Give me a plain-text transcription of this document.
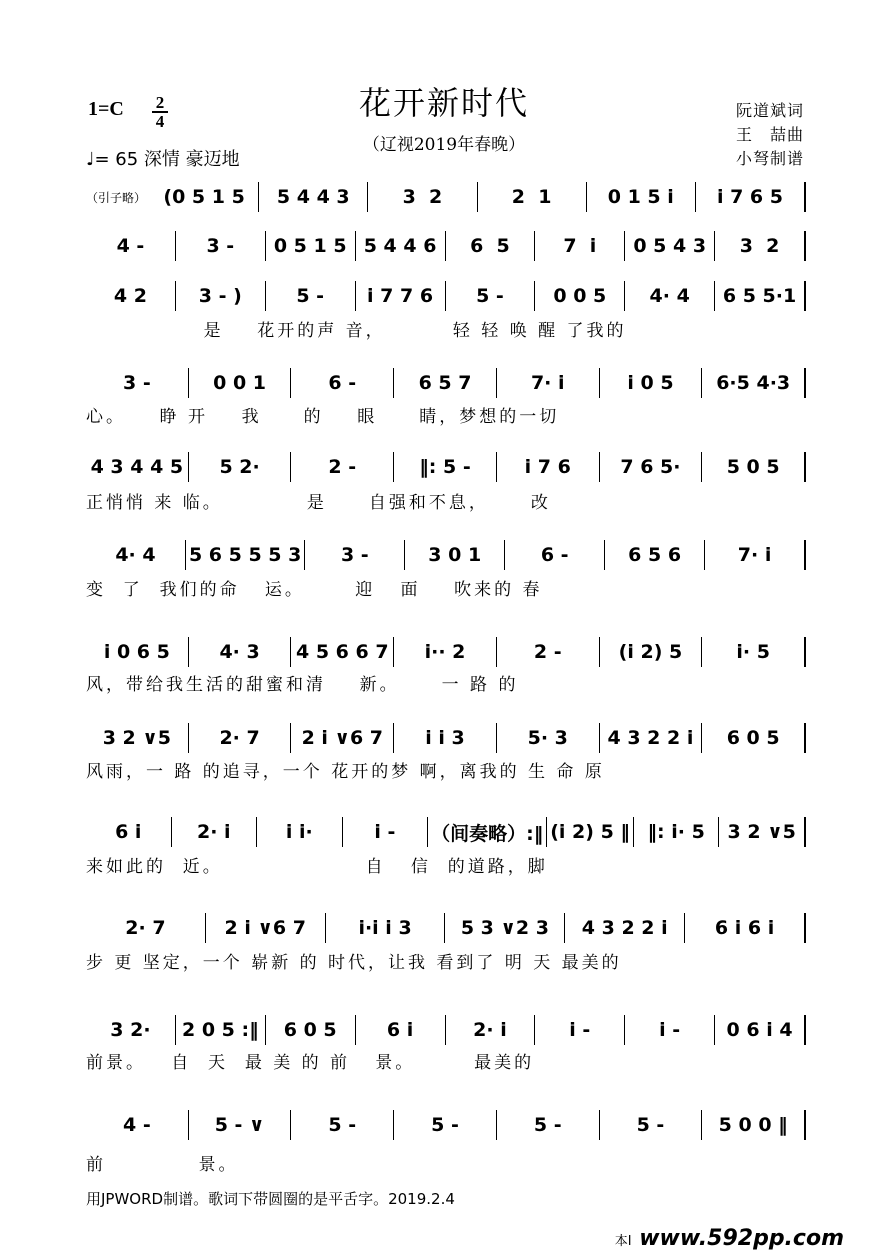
花开新时代
（辽视2019年春晚）
1=C 2
4
♩= 65 深情 豪迈地
阮道斌词
王　喆曲
小弩制谱
（引子略） (0 5 1 5	5 4 4 3	3  2	2  1	0 1 5 i	i 7 6 5
4 -	3 -	0 5 1 5 5 4 4 6	6  5	7  i	0 5 4 3	3  2
4 2	3 - )	5 -	i 7 7 6	5 -	0 0 5	4· 4	6 5 5·1
是    花开的声 音，        轻 轻 唤 醒 了我的
3 -	0 0 1	6 -	6 5 7	7· i	i 0 5	6·5 4·3
心。    睁 开    我     的    眼     睛，梦想的一切
4 3 4 4 5	5 2·	2 -	‖: 5 -	i 7 6	7 6 5·	5 0 5
正悄悄 来 临。          是     自强和不息，     改
4· 4	5 6 5 5 5 3	3 -	3 0 1	6 -	6 5 6	7· i
变  了  我们的命   运。      迎   面    吹来的 春
i 0 6 5	4· 3	4 5 6 6 7	i·· 2	2 -	(i 2) 5	i· 5
风，带给我生活的甜蜜和清    新。     一 路 的
3 2 ∨5	2· 7	2 i ∨6 7	i i 3	5· 3	4 3 2 2 i	6 0 5
风雨，一 路 的追寻，一个 花开的梦 啊，离我的 生 命 原
6 i	2· i	i i·	i -	（间奏略）:‖ (i 2) 5 ‖ ‖: i· 5	3 2 ∨5
来如此的  近。                 自   信  的道路，脚
2· 7	2 i ∨6 7	i·i i 3	5 3 ∨2 3	4 3 2 2 i	6 i 6 i
步 更 坚定，一个 崭新 的 时代，让我 看到了 明 天 最美的
3 2·	2 0 5 :‖	6 0 5	6 i	2· i	i -	i -	0 6 i 4
前景。   自  天  最 美 的 前   景。       最美的
4 -	5 - ∨	5 -	5 -	5 -	5 -	5 0 0 ‖
前           景。
用JPWORD制谱。歌词下带圆圈的是平舌字。2019.2.4
本I www.592pp.com
